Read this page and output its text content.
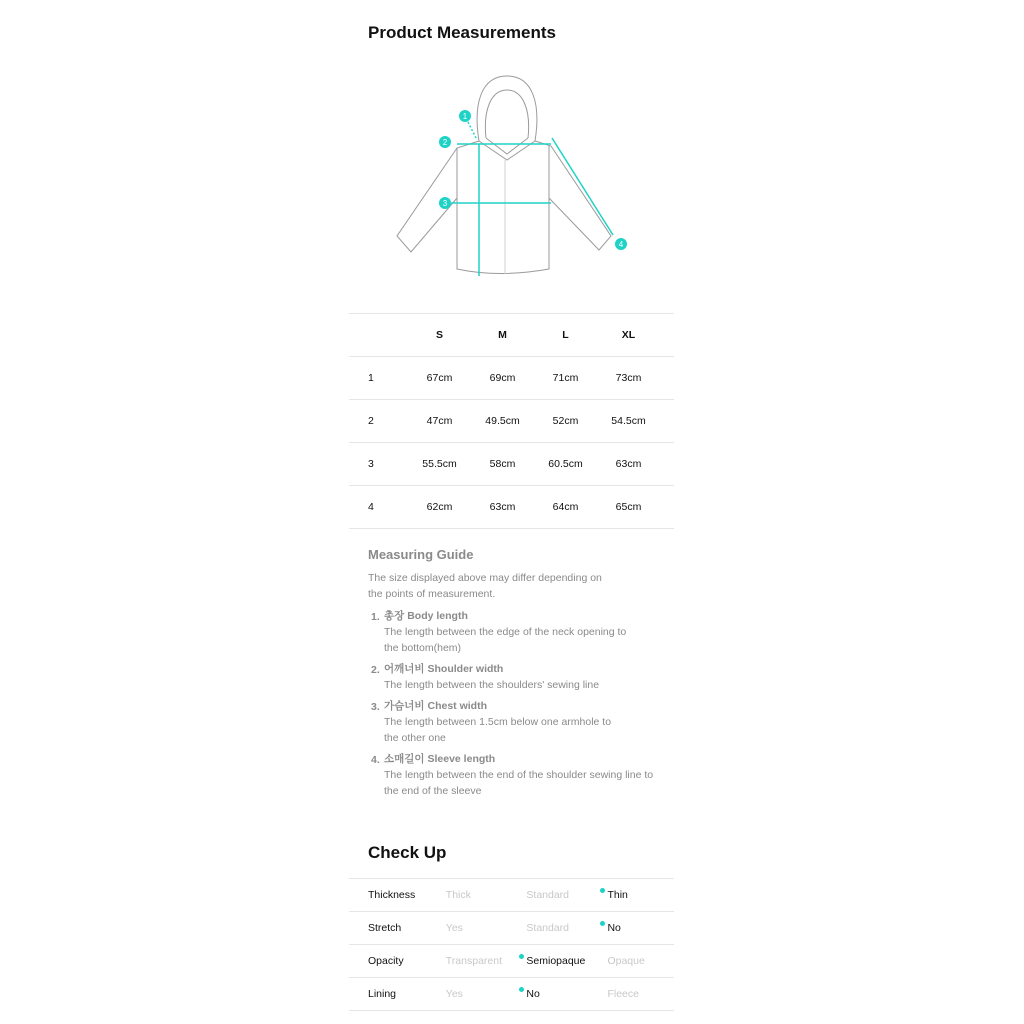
Product Measurements
1
2
3
4
	S	M	L	XL	
1	67cm	69cm	71cm	73cm	
2	47cm	49.5cm	52cm	54.5cm	
3	55.5cm	58cm	60.5cm	63cm	
4	62cm	63cm	64cm	65cm	
Measuring Guide

The size displayed above may differ depending on the points of measurement.

1. 총장 Body length
The length between the edge of the neck opening to the bottom(hem)
2. 어깨너비 Shoulder width
The length between the shoulders' sewing line
3. 가슴너비 Chest width
The length between 1.5cm below one armhole to the other one
4. 소매길이 Sleeve length
The length between the end of the shoulder sewing line to the end of the sleeve
Check Up
Thickness	Thick	Standard	Thin
Stretch	Yes	Standard	No
Opacity	Transparent	Semiopaque	Opaque
Lining	Yes	No	Fleece
